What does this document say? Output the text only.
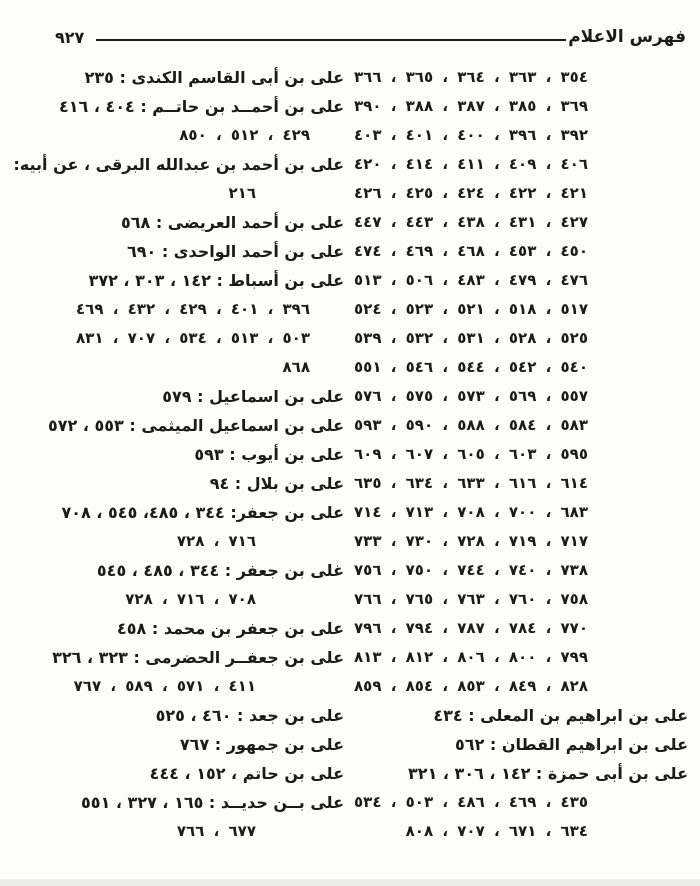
فهرس الاعلام
٩٢٧
٣٥٤ ، ٣٦٣ ، ٣٦٤ ، ٣٦٥ ، ٣٦٦
٣٦٩ ، ٣٨٥ ، ٣٨٧ ، ٣٨٨ ، ٣٩٠
٣٩٢ ، ٣٩٦ ، ٤٠٠ ، ٤٠١ ، ٤٠٣
٤٠٦ ، ٤٠٩ ، ٤١١ ، ٤١٤ ، ٤٢٠
٤٢١ ، ٤٢٢ ، ٤٢٤ ، ٤٢٥ ، ٤٢٦
٤٢٧ ، ٤٣١ ، ٤٣٨ ، ٤٤٣ ، ٤٤٧
٤٥٠ ، ٤٥٣ ، ٤٦٨ ، ٤٦٩ ، ٤٧٤
٤٧٦ ، ٤٧٩ ، ٤٨٣ ، ٥٠٦ ، ٥١٣
٥١٧ ، ٥١٨ ، ٥٢١ ، ٥٢٣ ، ٥٢٤
٥٢٥ ، ٥٢٨ ، ٥٣١ ، ٥٣٢ ، ٥٣٩
٥٤٠ ، ٥٤٢ ، ٥٤٤ ، ٥٤٦ ، ٥٥١
٥٥٧ ، ٥٦٩ ، ٥٧٣ ، ٥٧٥ ، ٥٧٦
٥٨٣ ، ٥٨٤ ، ٥٨٨ ، ٥٩٠ ، ٥٩٣
٥٩٥ ، ٦٠٣ ، ٦٠٥ ، ٦٠٧ ، ٦٠٩
٦١٤ ، ٦١٦ ، ٦٣٣ ، ٦٣٤ ، ٦٣٥
٦٨٣ ، ٧٠٠ ، ٧٠٨ ، ٧١٣ ، ٧١٤
٧١٧ ، ٧١٩ ، ٧٢٨ ، ٧٣٠ ، ٧٣٣
٧٣٨ ، ٧٤٠ ، ٧٤٤ ، ٧٥٠ ، ٧٥٦
٧٥٨ ، ٧٦٠ ، ٧٦٣ ، ٧٦٥ ، ٧٦٦
٧٧٠ ، ٧٨٤ ، ٧٨٧ ، ٧٩٤ ، ٧٩٦
٧٩٩ ، ٨٠٠ ، ٨٠٦ ، ٨١٢ ، ٨١٣
٨٢٨ ، ٨٤٩ ، ٨٥٣ ، ٨٥٤ ، ٨٥٩
على بن ابراهيم بن المعلى : ٤٣٤
على بن ابراهيم القطان : ٥٦٢
على بن أبى حمزة : ١٤٢ ، ٣٠٦ ، ٣٢١
٤٣٥ ، ٤٦٩ ، ٤٨٦ ، ٥٠٣ ، ٥٣٤
٦٣٤ ، ٦٧١ ، ٧٠٧ ، ٨٠٨
على بن أبى القاسم الكندى : ٢٣٥
على بن أحمــد بن حاتــم : ٤٠٤ ، ٤١٦
٤٢٩ ، ٥١٢ ، ٨٥٠
على بن أحمد بن عبدالله البرقى ، عن أبيه:
٢١٦
على بن أحمد العريضى : ٥٦٨
على بن أحمد الواحدى : ٦٩٠
على بن أسباط : ١٤٢ ، ٣٠٣ ، ٣٧٢
٣٩٦ ، ٤٠١ ، ٤٢٩ ، ٤٣٢ ، ٤٦٩
٥٠٣ ، ٥١٣ ، ٥٣٤ ، ٧٠٧ ، ٨٣١
٨٦٨
على بن اسماعيل : ٥٧٩
على بن اسماعيل الميثمى : ٥٥٣ ، ٥٧٢
على بن أيوب : ٥٩٣
على بن بلال : ٩٤
على بن جعفر: ٣٤٤ ، ٤٨٥، ٥٤٥ ، ٧٠٨
٧١٦ ، ٧٢٨
غلى بن جعفر : ٣٤٤ ، ٤٨٥ ، ٥٤٥
٧٠٨ ، ٧١٦ ، ٧٢٨
على بن جعفر بن محمد : ٤٥٨
على بن جعفــر الحضرمى : ٣٢٣ ، ٣٢٦
٤١١ ، ٥٧١ ، ٥٨٩ ، ٧٦٧
على بن جعد : ٤٦٠ ، ٥٢٥
على بن جمهور : ٧٦٧
على بن حاتم ، ١٥٢ ، ٤٤٤
على بــن حديــد : ١٦٥ ، ٣٢٧ ، ٥٥١
٦٧٧ ، ٧٦٦
